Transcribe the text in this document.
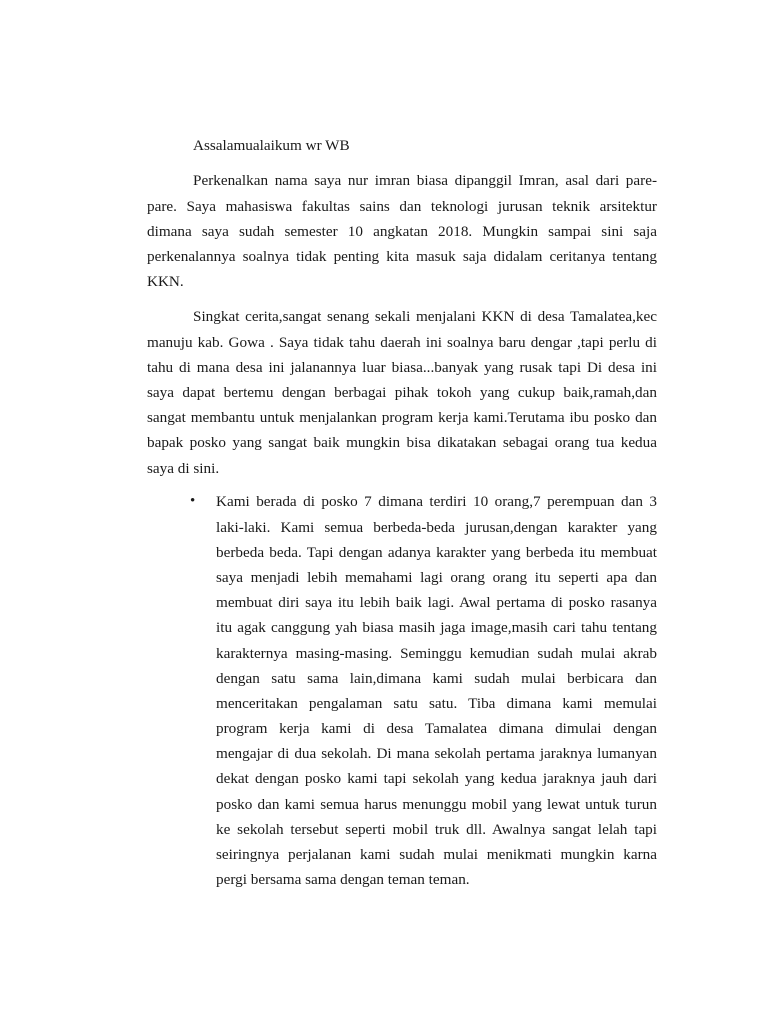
Assalamualaikum wr WB
Perkenalkan nama saya nur imran biasa dipanggil Imran, asal dari pare-
pare. Saya mahasiswa fakultas sains dan teknologi jurusan teknik arsitektur
dimana saya sudah semester 10 angkatan 2018. Mungkin sampai sini saja
perkenalannya soalnya tidak penting kita masuk saja didalam ceritanya tentang
KKN.
Singkat cerita,sangat senang sekali menjalani KKN di desa Tamalatea,kec
manuju kab. Gowa . Saya tidak tahu daerah ini soalnya baru dengar ,tapi perlu di
tahu di mana desa ini jalanannya luar biasa...banyak yang rusak tapi Di desa ini
saya dapat bertemu dengan berbagai pihak tokoh yang cukup baik,ramah,dan
sangat membantu untuk menjalankan program kerja kami.Terutama ibu posko dan
bapak posko yang sangat baik mungkin bisa dikatakan sebagai orang tua kedua
saya di sini.
• Kami berada di posko 7 dimana terdiri 10 orang,7 perempuan dan 3
laki-laki. Kami semua berbeda-beda jurusan,dengan karakter yang
berbeda beda. Tapi dengan adanya karakter yang berbeda itu membuat
saya menjadi lebih memahami lagi orang orang itu seperti apa dan
membuat diri saya itu lebih baik lagi. Awal pertama di posko rasanya
itu agak canggung yah biasa masih jaga image,masih cari tahu tentang
karakternya masing-masing. Seminggu kemudian sudah mulai akrab
dengan satu sama lain,dimana kami sudah mulai berbicara dan
menceritakan pengalaman satu satu. Tiba dimana kami memulai
program kerja kami di desa Tamalatea dimana dimulai dengan
mengajar di dua sekolah. Di mana sekolah pertama jaraknya lumanyan
dekat dengan posko kami tapi sekolah yang kedua jaraknya jauh dari
posko dan kami semua harus menunggu mobil yang lewat untuk turun
ke sekolah tersebut seperti mobil truk dll. Awalnya sangat lelah tapi
seiringnya perjalanan kami sudah mulai menikmati mungkin karna
pergi bersama sama dengan teman teman.
